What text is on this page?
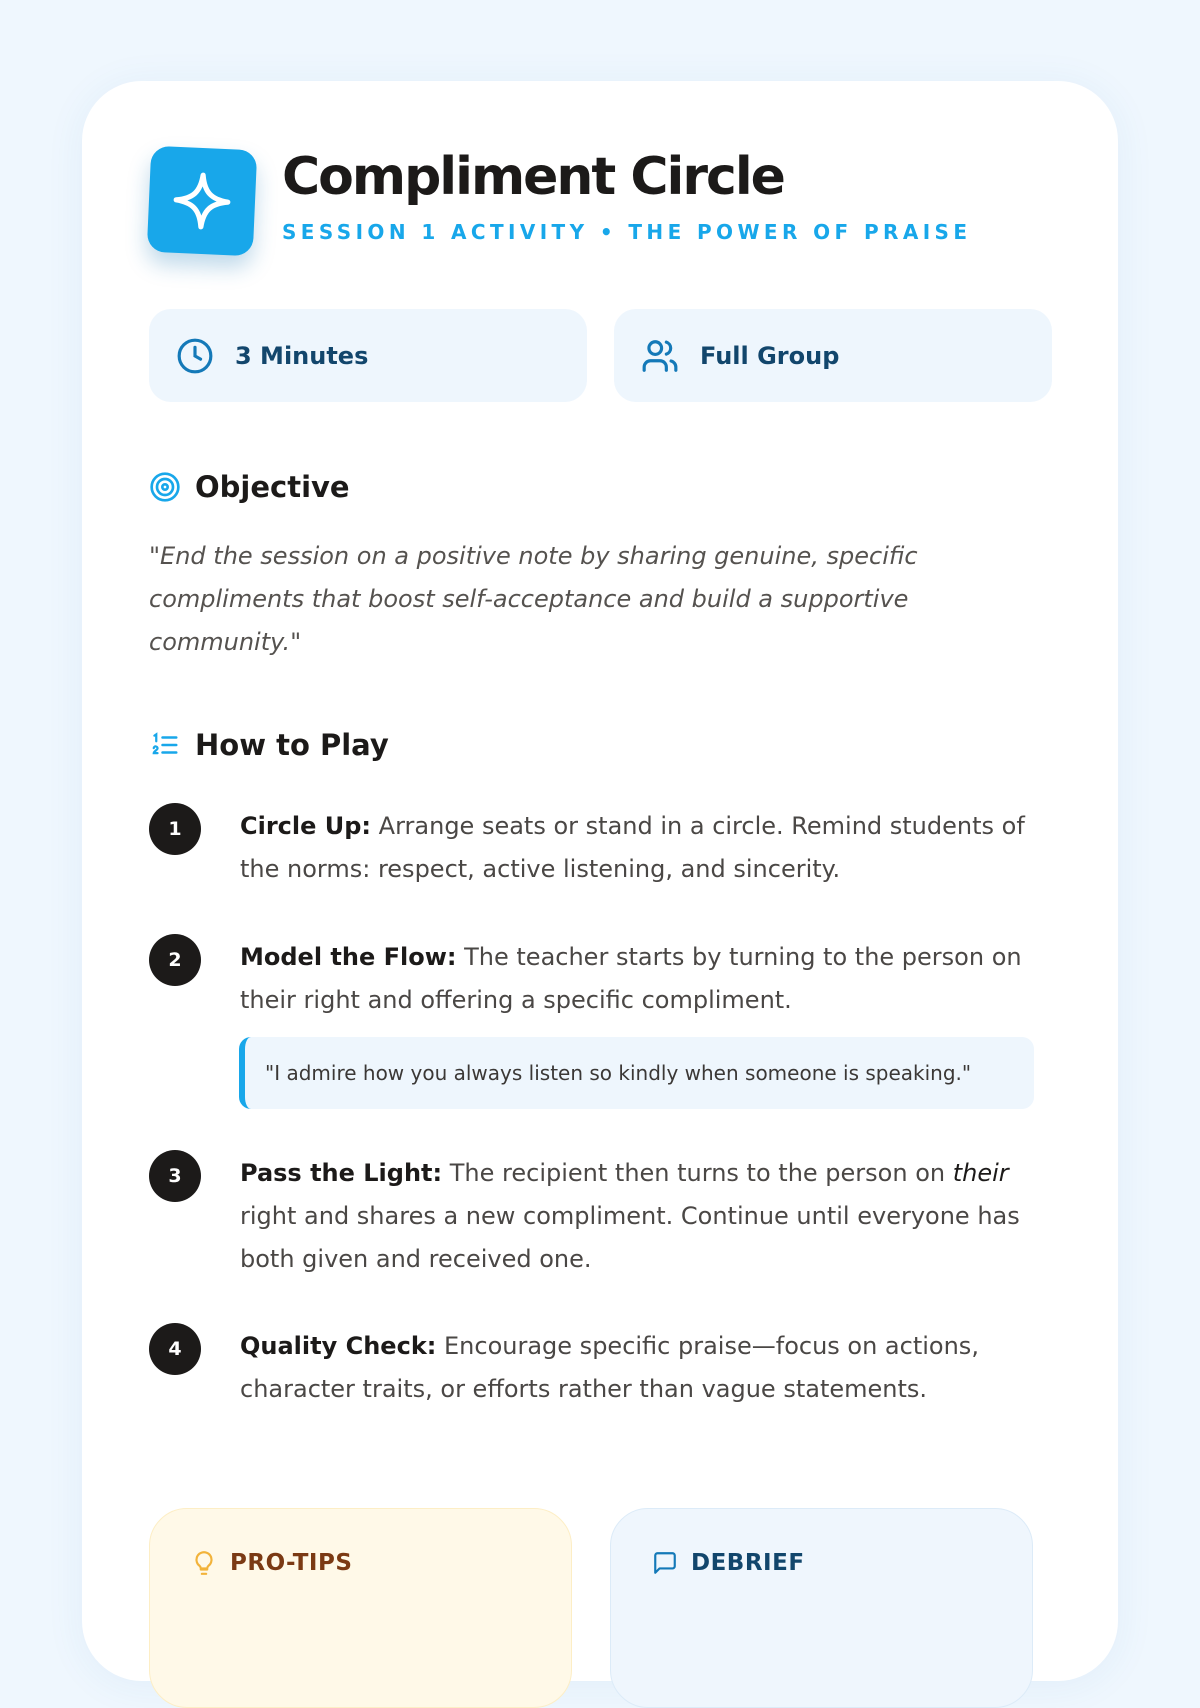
Compliment Circle
SESSION 1 ACTIVITY • THE POWER OF PRAISE
3 Minutes	Full Group
Objective

"End the session on a positive note by sharing genuine, specific compliments that boost self-acceptance and build a supportive community."

How to Play
1	Circle Up: Arrange seats or stand in a circle. Remind students of the norms: respect, active listening, and sincerity.
2	Model the Flow: The teacher starts by turning to the person on their right and offering a specific compliment.
"I admire how you always listen so kindly when someone is speaking."
3	Pass the Light: The recipient then turns to the person on their right and shares a new compliment. Continue until everyone has both given and received one.
4	Quality Check: Encourage specific praise—focus on actions, character traits, or efforts rather than vague statements.
PRO-TIPS	DEBRIEF
